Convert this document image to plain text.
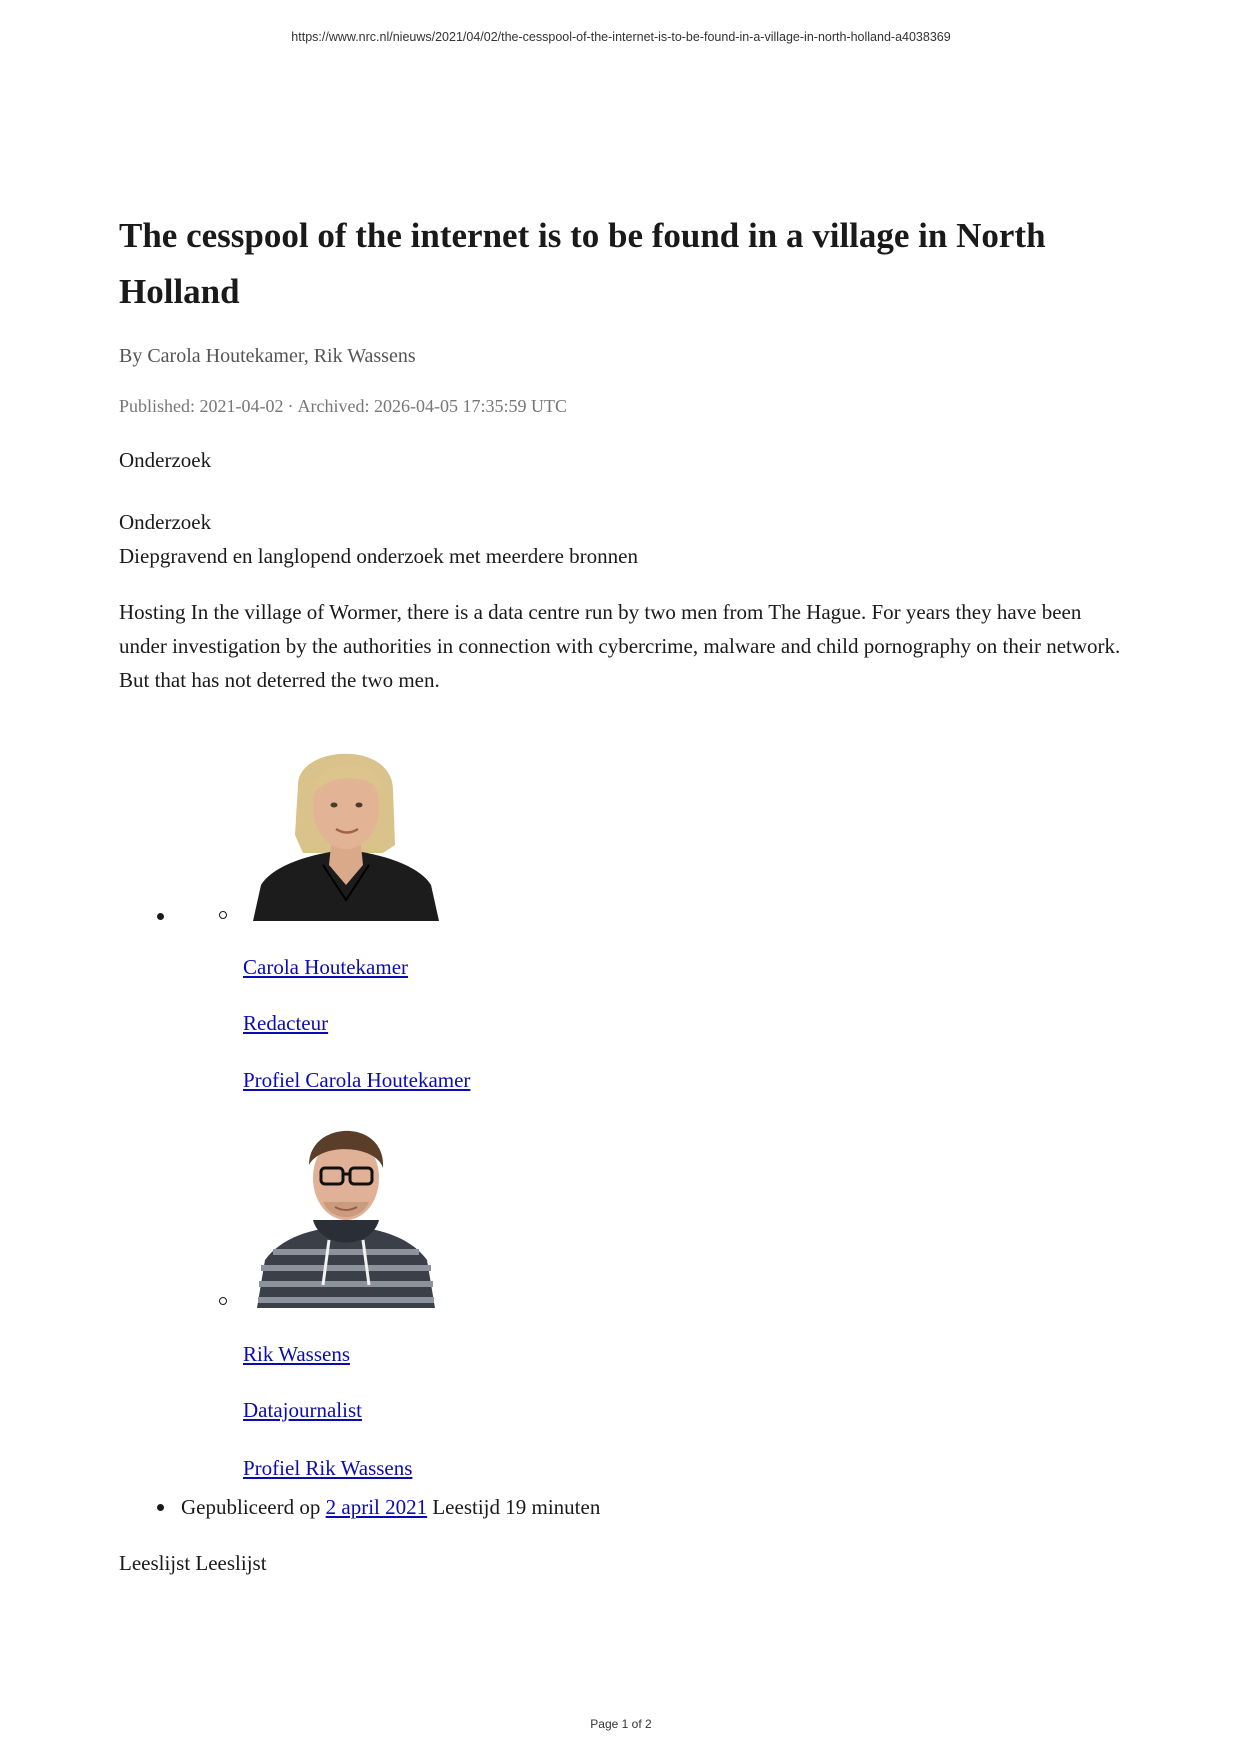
https://www.nrc.nl/nieuws/2021/04/02/the-cesspool-of-the-internet-is-to-be-found-in-a-village-in-north-holland-a4038369
The cesspool of the internet is to be found in a village in North Holland
By Carola Houtekamer, Rik Wassens
Published: 2021-04-02 · Archived: 2026-04-05 17:35:59 UTC
Onderzoek
Onderzoek
Diepgravend en langlopend onderzoek met meerdere bronnen

Hosting In the village of Wormer, there is a data centre run by two men from The Hague. For years they have been under investigation by the authorities in connection with cybercrime, malware and child pornography on their network. But that has not deterred the two men.

Carola Houtekamer
Redacteur
Profiel Carola Houtekamer
Rik Wassens
Datajournalist
Profiel Rik Wassens
Gepubliceerd op 2 april 2021 Leestijd 19 minuten
Leeslijst Leeslijst
Page 1 of 2
